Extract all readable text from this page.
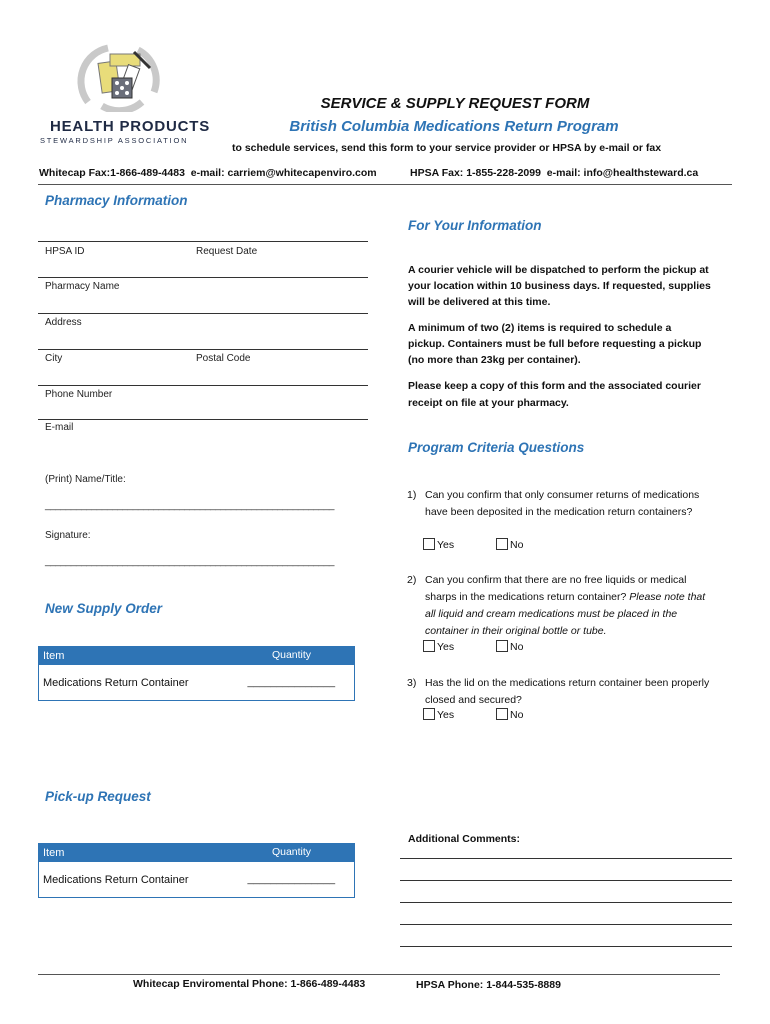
HEALTH PRODUCTS
STEWARDSHIP ASSOCIATION
SERVICE & SUPPLY REQUEST FORM
British Columbia Medications Return Program
to schedule services, send this form to your service provider or HPSA by e-mail or fax
Whitecap Fax:1-866-489-4483  e-mail: carriem@whitecapenviro.com	HPSA Fax: 1-855-228-2099  e-mail: info@healthsteward.ca
Pharmacy Information
HPSA ID	Request Date
Pharmacy Name
Address
City	Postal Code
Phone Number
E-mail
(Print) Name/Title:
________________________________________________________
Signature:
________________________________________________________
New Supply Order
Item	Quantity
Medications Return Container	_______________
Pick-up Request
Item	Quantity
Medications Return Container	_______________
For Your Information
A courier vehicle will be dispatched to perform the pickup at your location within 10 business days. If requested, supplies will be delivered at this time.
A minimum of two (2) items is required to schedule a pickup. Containers must be full before requesting a pickup (no more than 23kg per container).
Please keep a copy of this form and the associated courier receipt on file at your pharmacy.
Program Criteria Questions
1) Can you confirm that only consumer returns of medications have been deposited in the medication return containers?
Yes	No
2) Can you confirm that there are no free liquids or medical sharps in the medications return container? Please note that all liquid and cream medications must be placed in the container in their original bottle or tube.
Yes	No
3) Has the lid on the medications return container been properly closed and secured?
Yes	No
Additional Comments:
Whitecap Enviromental Phone: 1-866-489-4483	HPSA Phone: 1-844-535-8889
